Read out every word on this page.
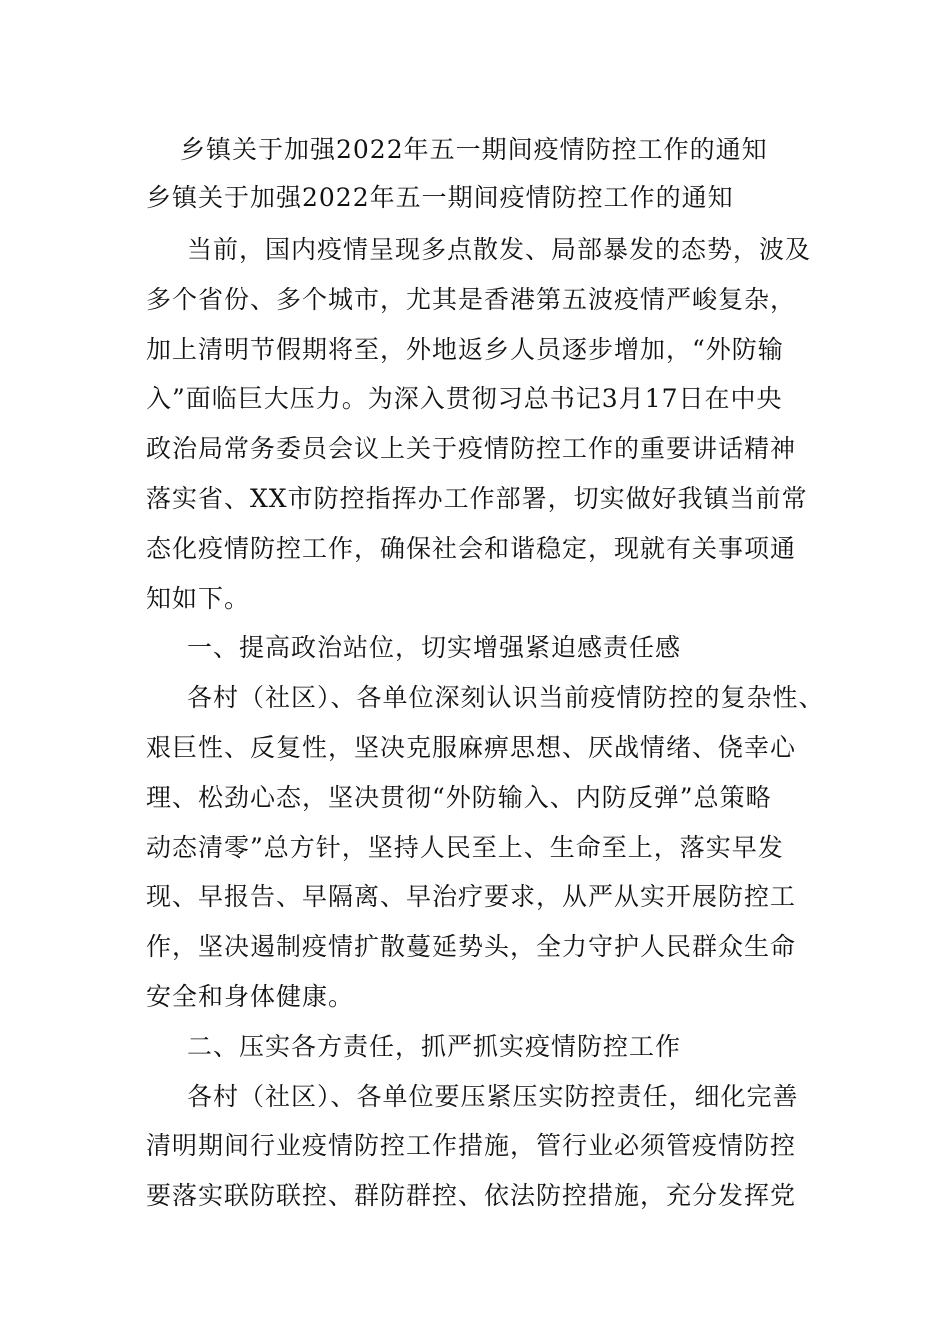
乡镇关于加强2022年五一期间疫情防控工作的通知

乡镇关于加强2022年五一期间疫情防控工作的通知

当前，国内疫情呈现多点散发、局部暴发的态势，波及

多个省份、多个城市，尤其是香港第五波疫情严峻复杂，

加上清明节假期将至，外地返乡人员逐步增加，“外防输

入”面临巨大压力。为深入贯彻习总书记3月17日在中央

政治局常务委员会议上关于疫情防控工作的重要讲话精神

落实省、XX市防控指挥办工作部署，切实做好我镇当前常

态化疫情防控工作，确保社会和谐稳定，现就有关事项通

知如下。

一、提高政治站位，切实增强紧迫感责任感

各村（社区）、各单位深刻认识当前疫情防控的复杂性、

艰巨性、反复性，坚决克服麻痹思想、厌战情绪、侥幸心

理、松劲心态，坚决贯彻“外防输入、内防反弹”总策略

动态清零”总方针，坚持人民至上、生命至上，落实早发

现、早报告、早隔离、早治疗要求，从严从实开展防控工

作，坚决遏制疫情扩散蔓延势头，全力守护人民群众生命

安全和身体健康。

二、压实各方责任，抓严抓实疫情防控工作

各村（社区）、各单位要压紧压实防控责任，细化完善

清明期间行业疫情防控工作措施，管行业必须管疫情防控

要落实联防联控、群防群控、依法防控措施，充分发挥党
